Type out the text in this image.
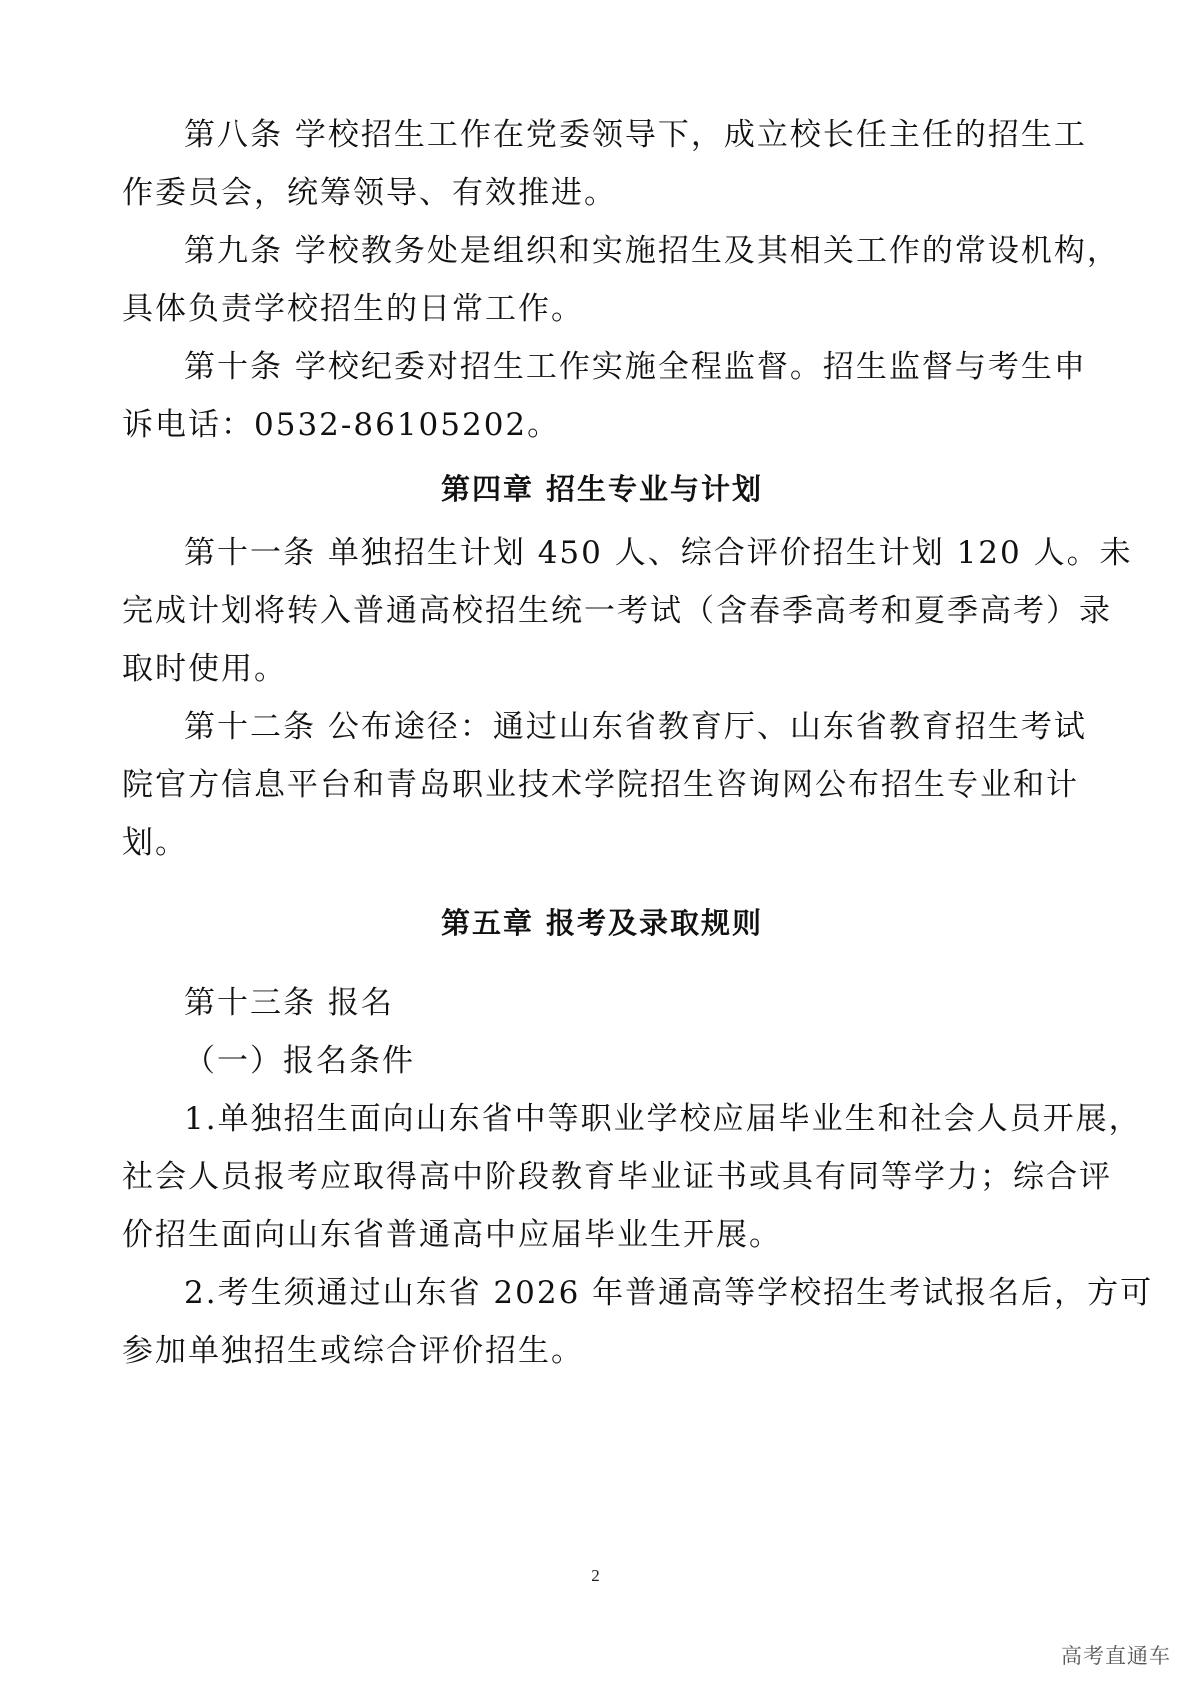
第八条 学校招生工作在党委领导下，成立校长任主任的招生工
作委员会，统筹领导、有效推进。
第九条 学校教务处是组织和实施招生及其相关工作的常设机构，
具体负责学校招生的日常工作。
第十条 学校纪委对招生工作实施全程监督。招生监督与考生申
诉电话：0532-86105202。
第四章 招生专业与计划
第十一条 单独招生计划 450 人、综合评价招生计划 120 人。未
完成计划将转入普通高校招生统一考试（含春季高考和夏季高考）录
取时使用。
第十二条 公布途径：通过山东省教育厅、山东省教育招生考试
院官方信息平台和青岛职业技术学院招生咨询网公布招生专业和计
划。
第五章 报考及录取规则
第十三条 报名
（一）报名条件
1.单独招生面向山东省中等职业学校应届毕业生和社会人员开展，
社会人员报考应取得高中阶段教育毕业证书或具有同等学力；综合评
价招生面向山东省普通高中应届毕业生开展。
2.考生须通过山东省 2026 年普通高等学校招生考试报名后，方可
参加单独招生或综合评价招生。
2
高考直通车
